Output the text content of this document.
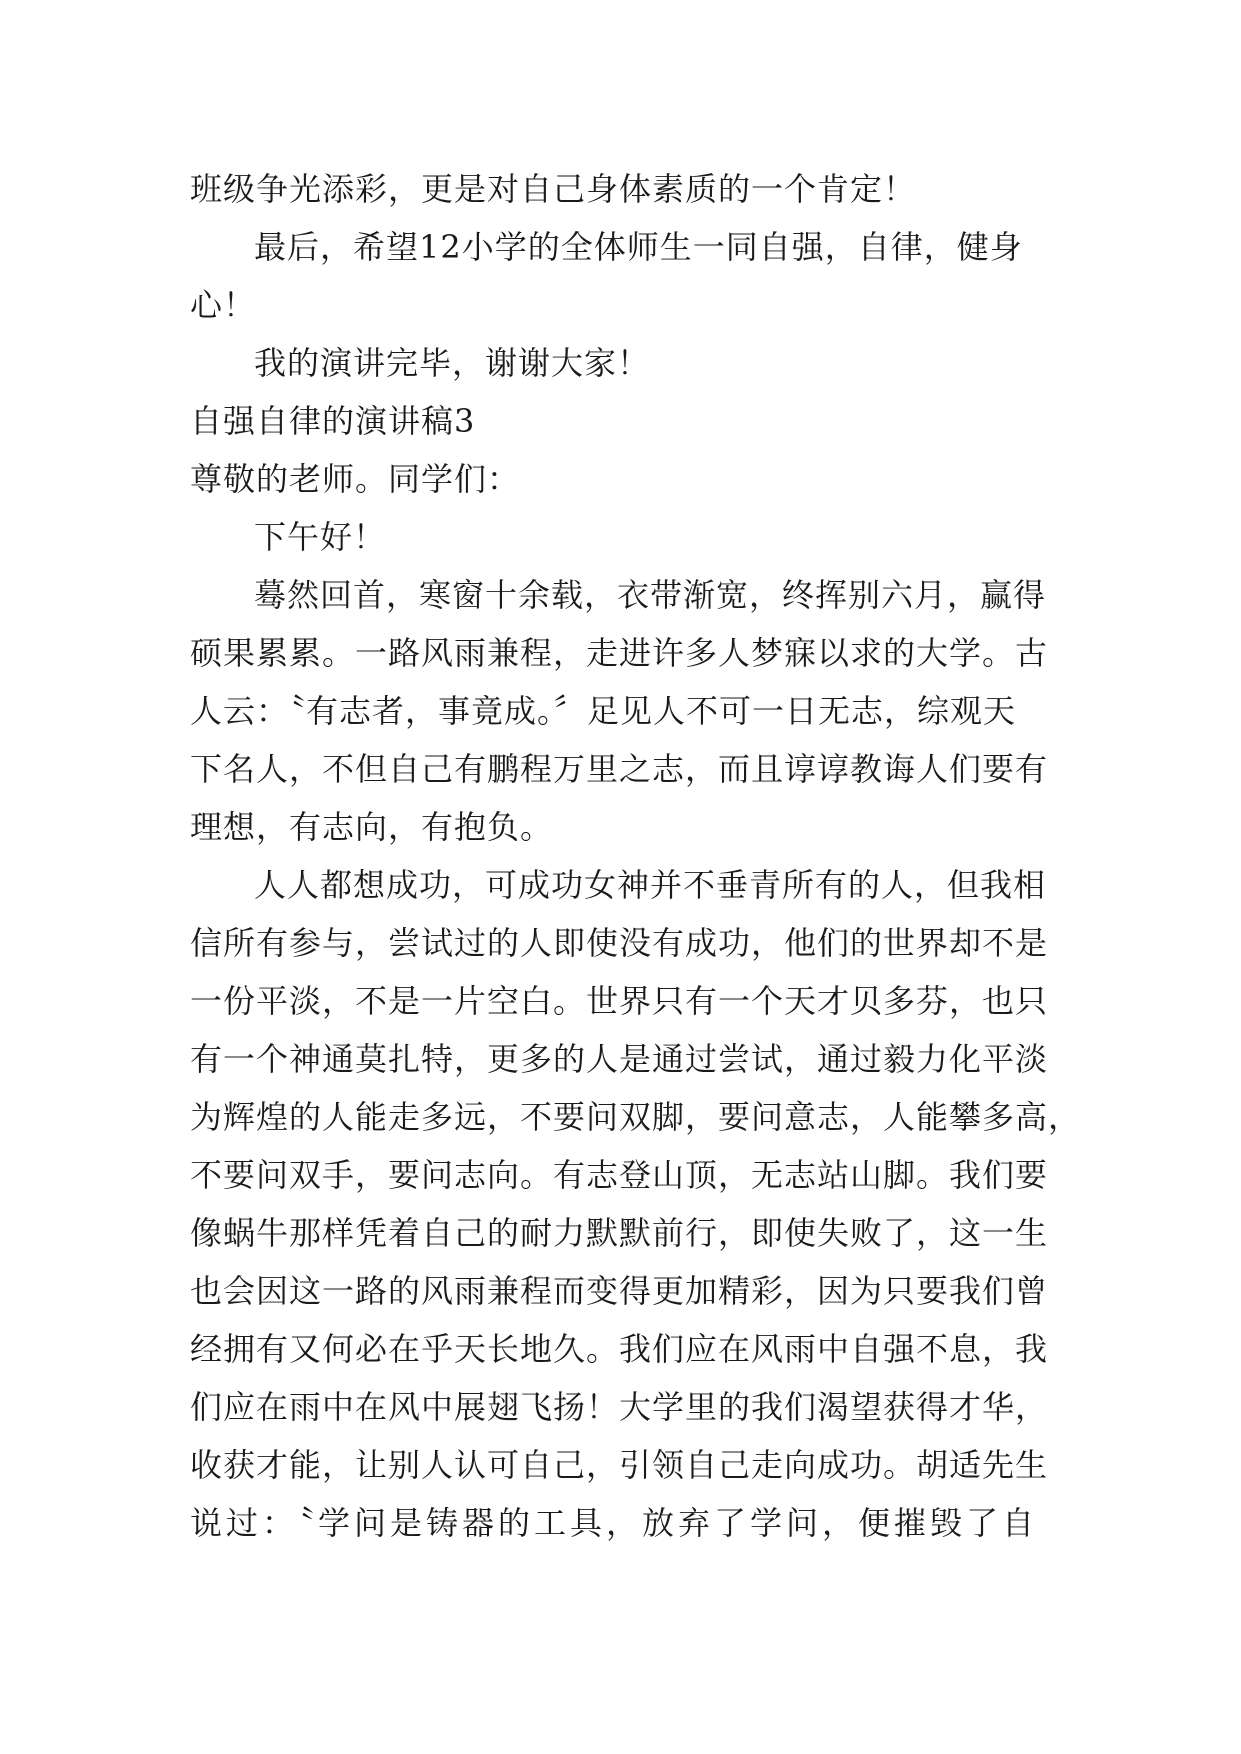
班级争光添彩，更是对自己身体素质的一个肯定！
最后，希望12小学的全体师生一同自强，自律，健身
心！
我的演讲完毕，谢谢大家！
自强自律的演讲稿3
尊敬的老师。同学们：
下午好！
蓦然回首，寒窗十余载，衣带渐宽，终挥别六月，赢得
硕果累累。一路风雨兼程，走进许多人梦寐以求的大学。古
人云：〝有志者，事竟成。〞足见人不可一日无志，综观天
下名人，不但自己有鹏程万里之志，而且谆谆教诲人们要有
理想，有志向，有抱负。
人人都想成功，可成功女神并不垂青所有的人，但我相
信所有参与，尝试过的人即使没有成功，他们的世界却不是
一份平淡，不是一片空白。世界只有一个天才贝多芬，也只
有一个神通莫扎特，更多的人是通过尝试，通过毅力化平淡
为辉煌的人能走多远，不要问双脚，要问意志，人能攀多高，
不要问双手，要问志向。有志登山顶，无志站山脚。我们要
像蜗牛那样凭着自己的耐力默默前行，即使失败了，这一生
也会因这一路的风雨兼程而变得更加精彩，因为只要我们曾
经拥有又何必在乎天长地久。我们应在风雨中自强不息，我
们应在雨中在风中展翅飞扬！大学里的我们渴望获得才华，
收获才能，让别人认可自己，引领自己走向成功。胡适先生
说过：〝学问是铸器的工具，放弃了学问，便摧毁了自
